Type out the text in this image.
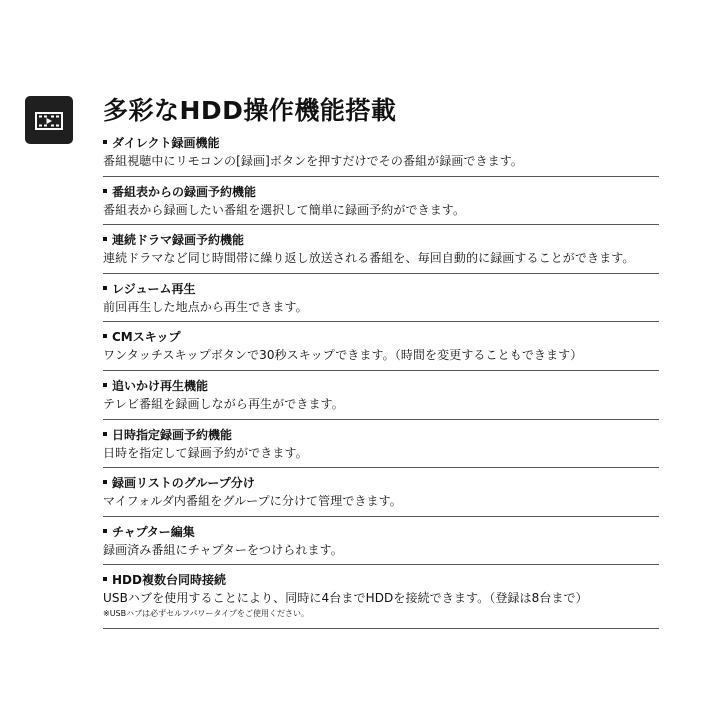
多彩なHDD操作機能搭載
ダイレクト録画機能
番組視聴中にリモコンの[録画]ボタンを押すだけでその番組が録画できます。
番組表からの録画予約機能
番組表から録画したい番組を選択して簡単に録画予約ができます。
連続ドラマ録画予約機能
連続ドラマなど同じ時間帯に繰り返し放送される番組を、毎回自動的に録画することができます。
レジューム再生
前回再生した地点から再生できます。
CMスキップ
ワンタッチスキップボタンで30秒スキップできます。（時間を変更することもできます）
追いかけ再生機能
テレビ番組を録画しながら再生ができます。
日時指定録画予約機能
日時を指定して録画予約ができます。
録画リストのグループ分け
マイフォルダ内番組をグループに分けて管理できます。
チャプター編集
録画済み番組にチャプターをつけられます。
HDD複数台同時接続
USBハブを使用することにより、同時に4台までHDDを接続できます。（登録は8台まで）
※USBハブは必ずセルフパワータイプをご使用ください。
